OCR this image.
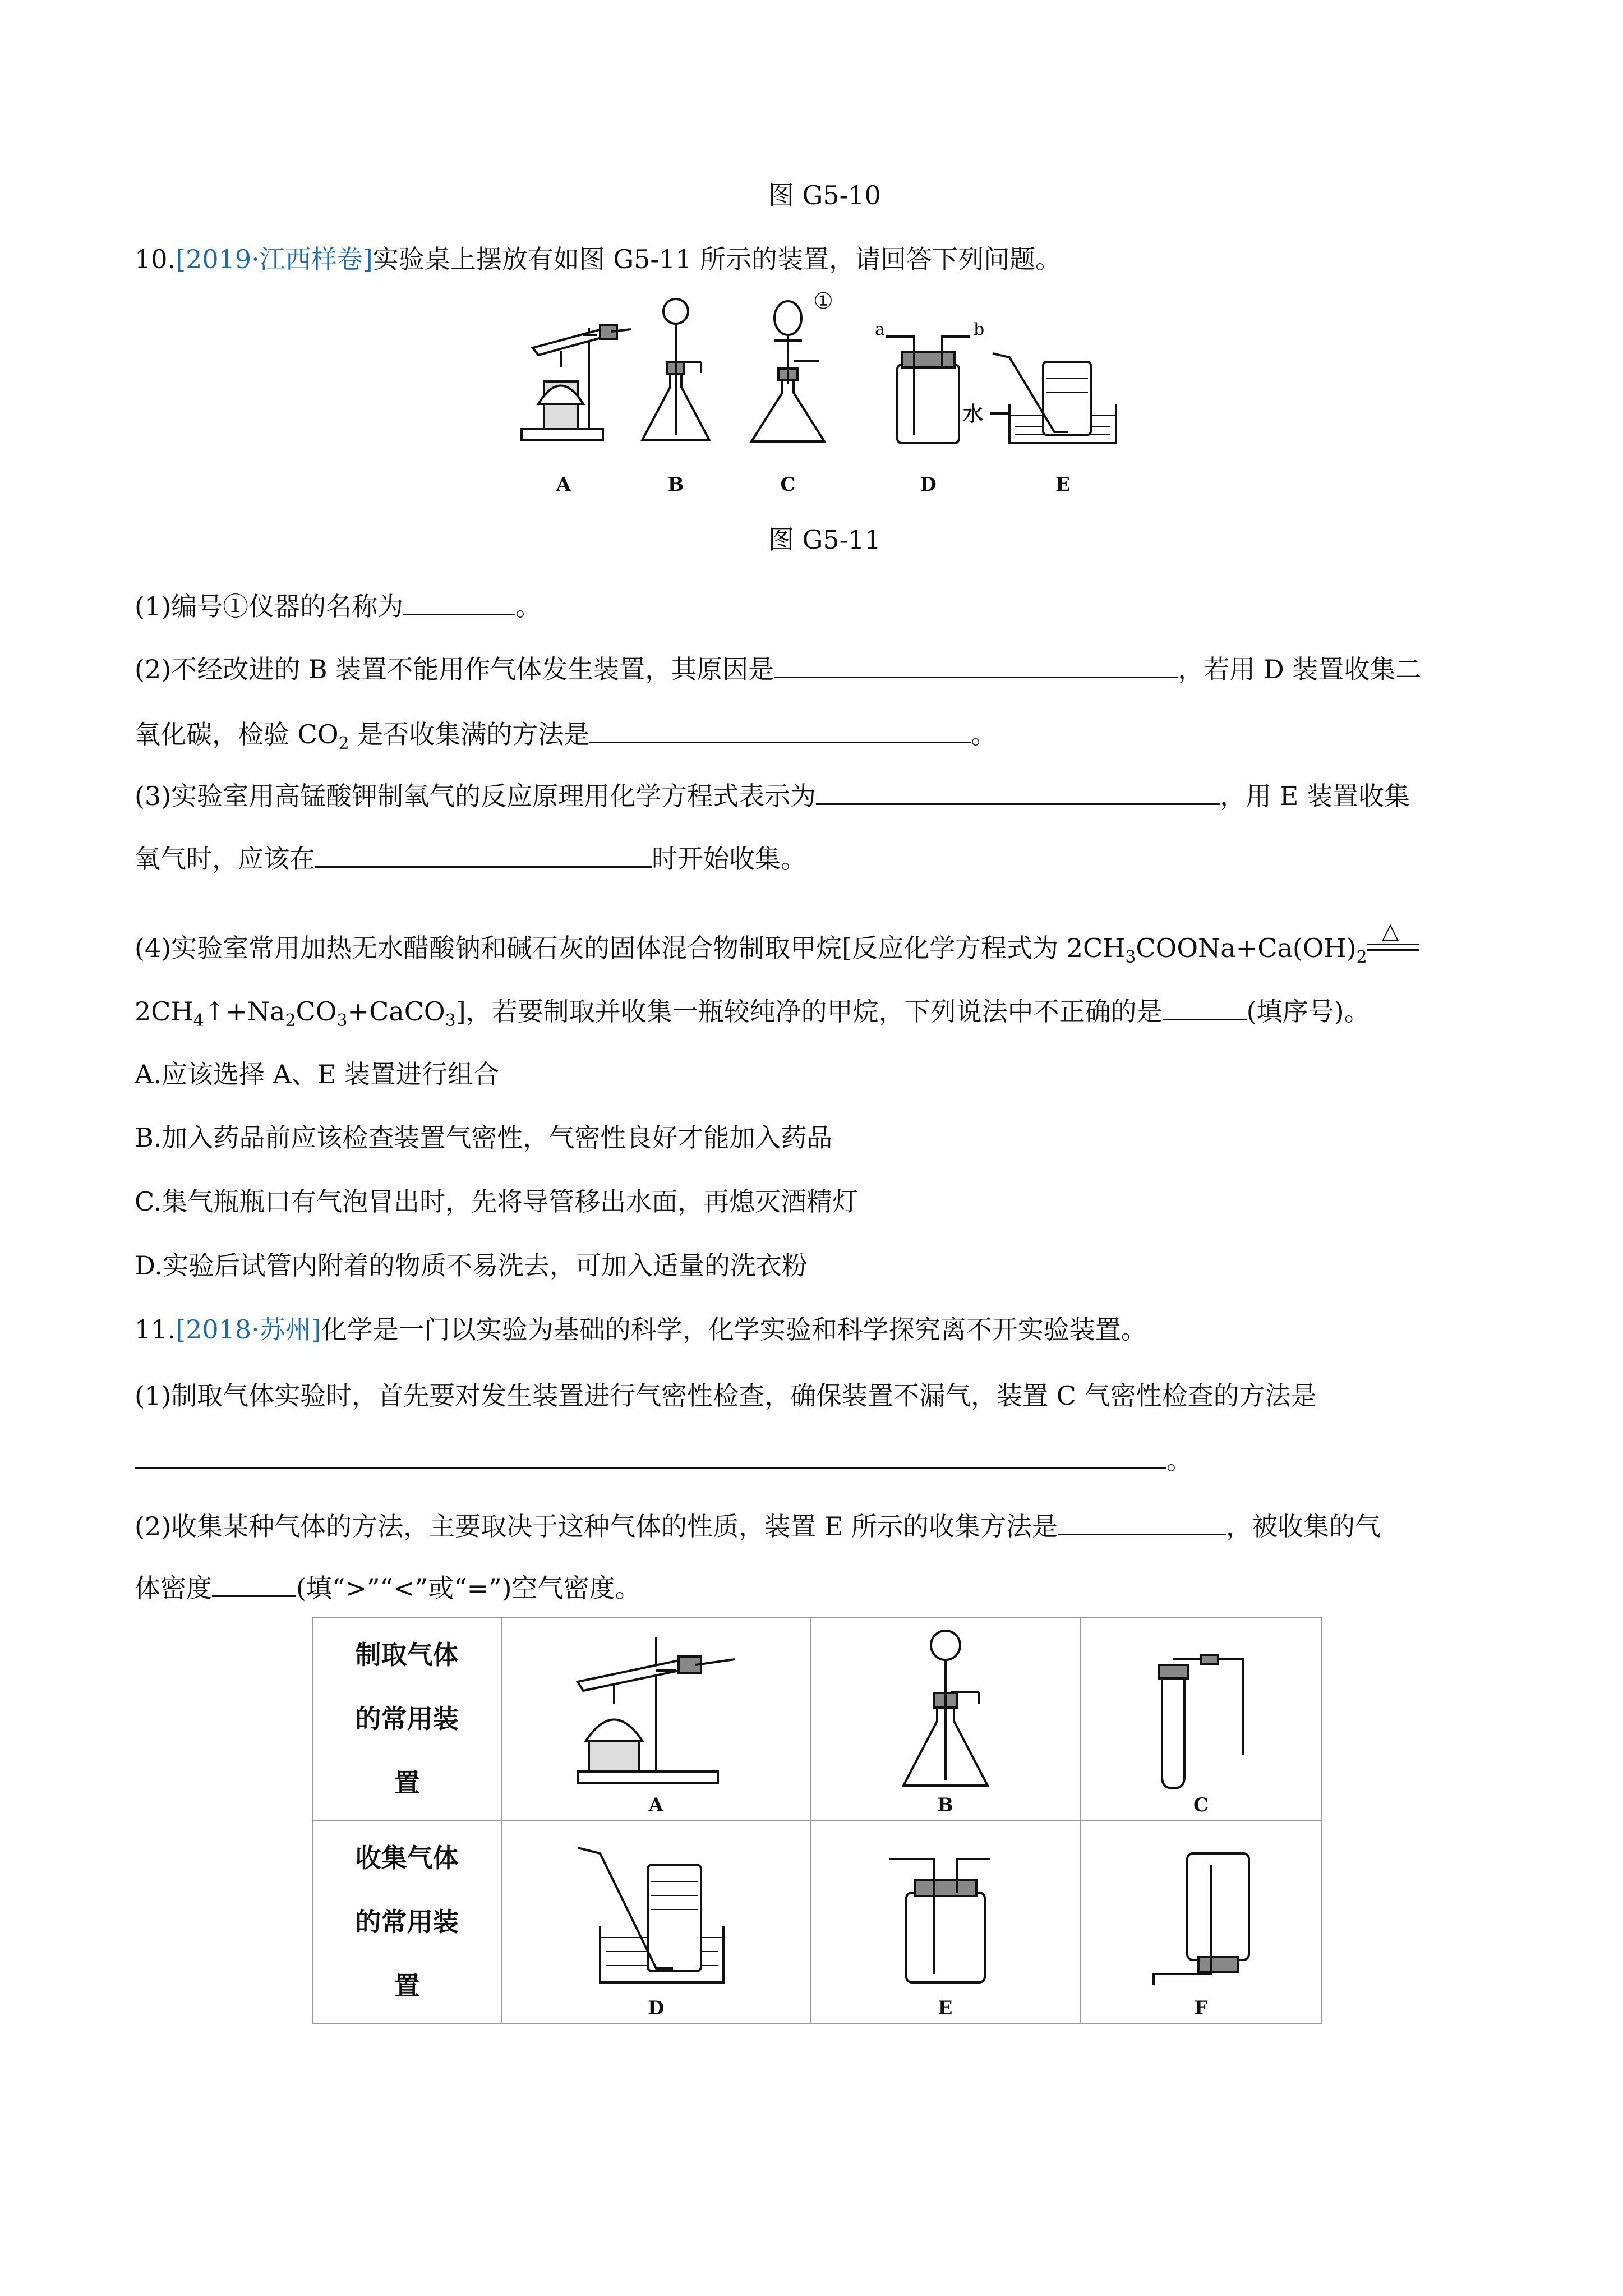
图 G5-10
10.[2019·江西样卷]实验桌上摆放有如图 G5-11 所示的装置，请回答下列问题。
A	B
①
C
a	b
D
水
E
图 G5-11
(1)编号①仪器的名称为	。
(2)不经改进的 B 装置不能用作气体发生装置，其原因是	，若用 D 装置收集二
氧化碳，检验 $CO_2$ 是否收集满的方法是	。
(3)实验室用高锰酸钾制氧气的反应原理用化学方程式表示为	，用 E 装置收集
氧气时，应该在	时开始收集。
(4)实验室常用加热无水醋酸钠和碱石灰的固体混合物制取甲烷[反应化学方程式为 $2CH_3COONa+Ca(OH)_2$
△
$2CH_4↑+Na_2CO_3+CaCO_3$]，若要制取并收集一瓶较纯净的甲烷，下列说法中不正确的是	(填序号)。
A.应该选择 A、E 装置进行组合
B.加入药品前应该检查装置气密性，气密性良好才能加入药品
C.集气瓶瓶口有气泡冒出时，先将导管移出水面，再熄灭酒精灯
D.实验后试管内附着的物质不易洗去，可加入适量的洗衣粉
11.[2018·苏州]化学是一门以实验为基础的科学，化学实验和科学探究离不开实验装置。
(1)制取气体实验时，首先要对发生装置进行气密性检查，确保装置不漏气，装置 C 气密性检查的方法是
。
(2)收集某种气体的方法，主要取决于这种气体的性质，装置 E 所示的收集方法是	，被收集的气
体密度	(填“>”“<”或“=”)空气密度。
制取气体
的常用装
置	A	B	C

收集气体
的常用装
置	D	E	F
